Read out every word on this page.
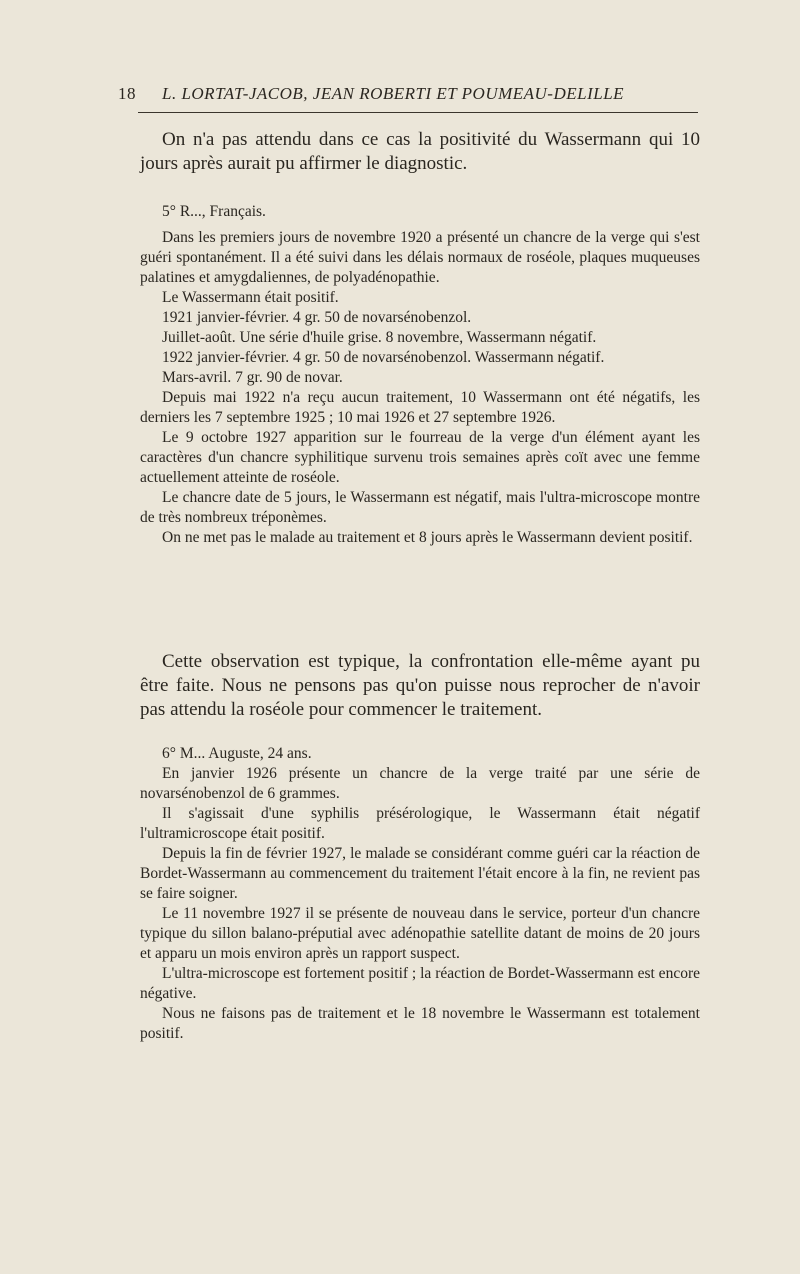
18 L. LORTAT-JACOB, JEAN ROBERTI ET POUMEAU-DELILLE

On n'a pas attendu dans ce cas la positivité du Wassermann qui 10 jours après aurait pu affirmer le diagnostic.

5° R..., Français.

Dans les premiers jours de novembre 1920 a présenté un chancre de la verge qui s'est guéri spontanément. Il a été suivi dans les délais normaux de roséole, plaques muqueuses palatines et amygdaliennes, de polyadénopathie.

Le Wassermann était positif.

1921 janvier-février. 4 gr. 50 de novarsénobenzol.

Juillet-août. Une série d'huile grise. 8 novembre, Wassermann négatif.

1922 janvier-février. 4 gr. 50 de novarsénobenzol. Wassermann négatif.

Mars-avril. 7 gr. 90 de novar.

Depuis mai 1922 n'a reçu aucun traitement, 10 Wassermann ont été négatifs, les derniers les 7 septembre 1925 ; 10 mai 1926 et 27 septembre 1926.

Le 9 octobre 1927 apparition sur le fourreau de la verge d'un élément ayant les caractères d'un chancre syphilitique survenu trois semaines après coït avec une femme actuellement atteinte de roséole.

Le chancre date de 5 jours, le Wassermann est négatif, mais l'ultra-microscope montre de très nombreux tréponèmes.

On ne met pas le malade au traitement et 8 jours après le Wassermann devient positif.

Cette observation est typique, la confrontation elle-même ayant pu être faite. Nous ne pensons pas qu'on puisse nous reprocher de n'avoir pas attendu la roséole pour commencer le traitement.

6° M... Auguste, 24 ans.

En janvier 1926 présente un chancre de la verge traité par une série de novarsénobenzol de 6 grammes.

Il s'agissait d'une syphilis présérologique, le Wassermann était négatif l'ultramicroscope était positif.

Depuis la fin de février 1927, le malade se considérant comme guéri car la réaction de Bordet-Wassermann au commencement du traitement l'était encore à la fin, ne revient pas se faire soigner.

Le 11 novembre 1927 il se présente de nouveau dans le service, porteur d'un chancre typique du sillon balano-préputial avec adénopathie satellite datant de moins de 20 jours et apparu un mois environ après un rapport suspect.

L'ultra-microscope est fortement positif ; la réaction de Bordet-Wassermann est encore négative.

Nous ne faisons pas de traitement et le 18 novembre le Wassermann est totalement positif.
